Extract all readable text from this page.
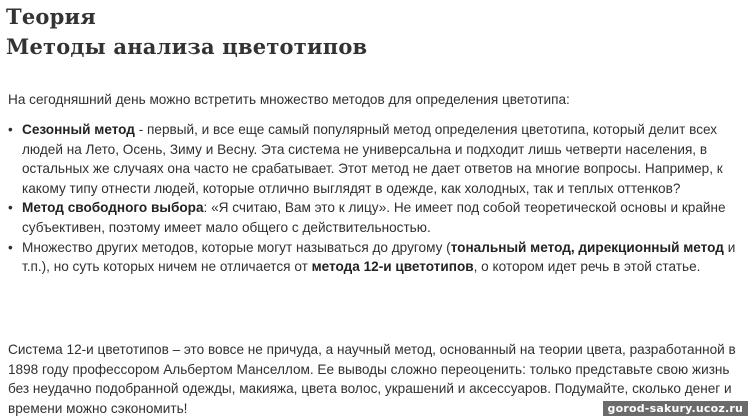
Теория
Методы анализа цветотипов
На сегодняшний день можно встретить множество методов для определения цветотипа:
• Сезонный метод - первый, и все еще самый популярный метод определения цветотипа, который делит всех людей на Лето, Осень, Зиму и Весну. Эта система не универсальна и подходит лишь четверти населения, в остальных же случаях она часто не срабатывает. Этот метод не дает ответов на многие вопросы. Например, к какому типу отнести людей, которые отлично выглядят в одежде, как холодных, так и теплых оттенков?
• Метод свободного выбора: «Я считаю, Вам это к лицу». Не имеет под собой теоретической основы и крайне субъективен, поэтому имеет мало общего с действительностью.
• Множество других методов, которые могут называться до другому (тональный метод, дирекционный метод и т.п.), но суть которых ничем не отличается от метода 12-и цветотипов, о котором идет речь в этой статье.
Система 12-и цветотипов – это вовсе не причуда, а научный метод, основанный на теории цвета, разработанной в 1898 году профессором Альбертом Манселлом. Ее выводы сложно переоценить: только представьте свою жизнь без неудачно подобранной одежды, макияжа, цвета волос, украшений и аксессуаров. Подумайте, сколько денег и времени можно сэкономить!	gorod-sakury.ucoz.ru
